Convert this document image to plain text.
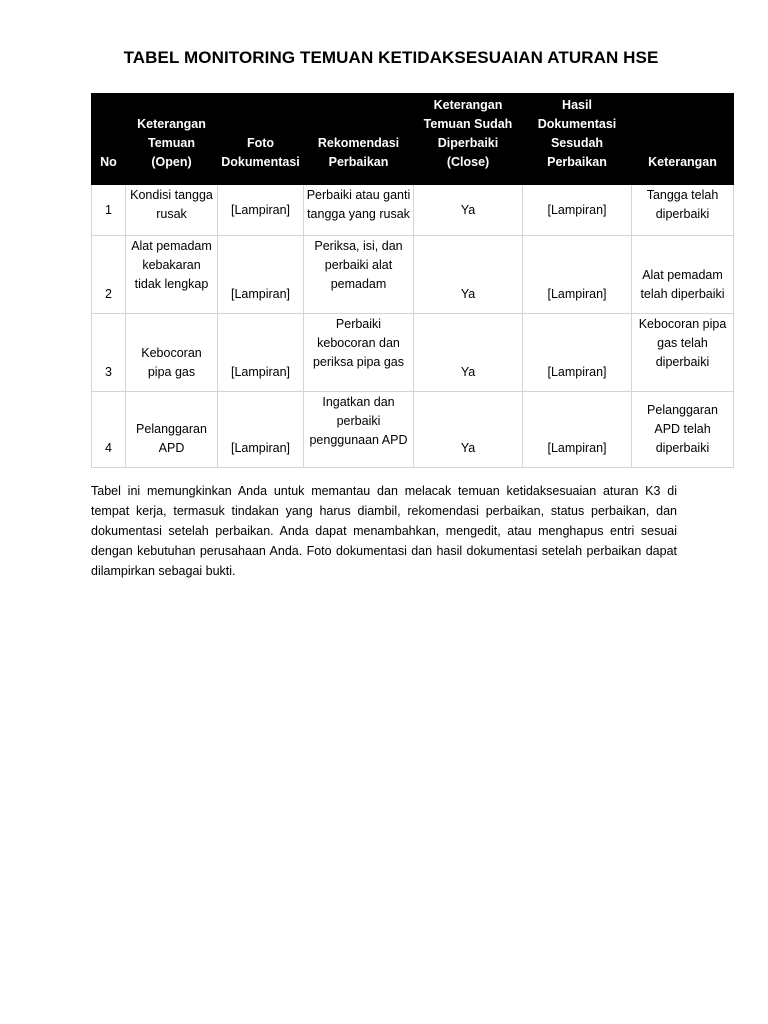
TABEL MONITORING TEMUAN KETIDAKSESUAIAN ATURAN HSE
No	Keterangan Temuan (Open)	Foto Dokumentasi	Rekomendasi Perbaikan	Keterangan Temuan Sudah Diperbaiki (Close)	Hasil Dokumentasi Sesudah Perbaikan	Keterangan
1	Kondisi tangga rusak	[Lampiran]	Perbaiki atau ganti tangga yang rusak	Ya	[Lampiran]	Tangga telah diperbaiki
2	Alat pemadam kebakaran tidak lengkap	[Lampiran]	Periksa, isi, dan perbaiki alat pemadam	Ya	[Lampiran]	Alat pemadam telah diperbaiki
3	Kebocoran pipa gas	[Lampiran]	Perbaiki kebocoran dan periksa pipa gas	Ya	[Lampiran]	Kebocoran pipa gas telah diperbaiki
4	Pelanggaran APD	[Lampiran]	Ingatkan dan perbaiki penggunaan APD	Ya	[Lampiran]	Pelanggaran APD telah diperbaiki

Tabel ini memungkinkan Anda untuk memantau dan melacak temuan ketidaksesuaian aturan K3 di tempat kerja, termasuk tindakan yang harus diambil, rekomendasi perbaikan, status perbaikan, dan dokumentasi setelah perbaikan. Anda dapat menambahkan, mengedit, atau menghapus entri sesuai dengan kebutuhan perusahaan Anda. Foto dokumentasi dan hasil dokumentasi setelah perbaikan dapat dilampirkan sebagai bukti.
